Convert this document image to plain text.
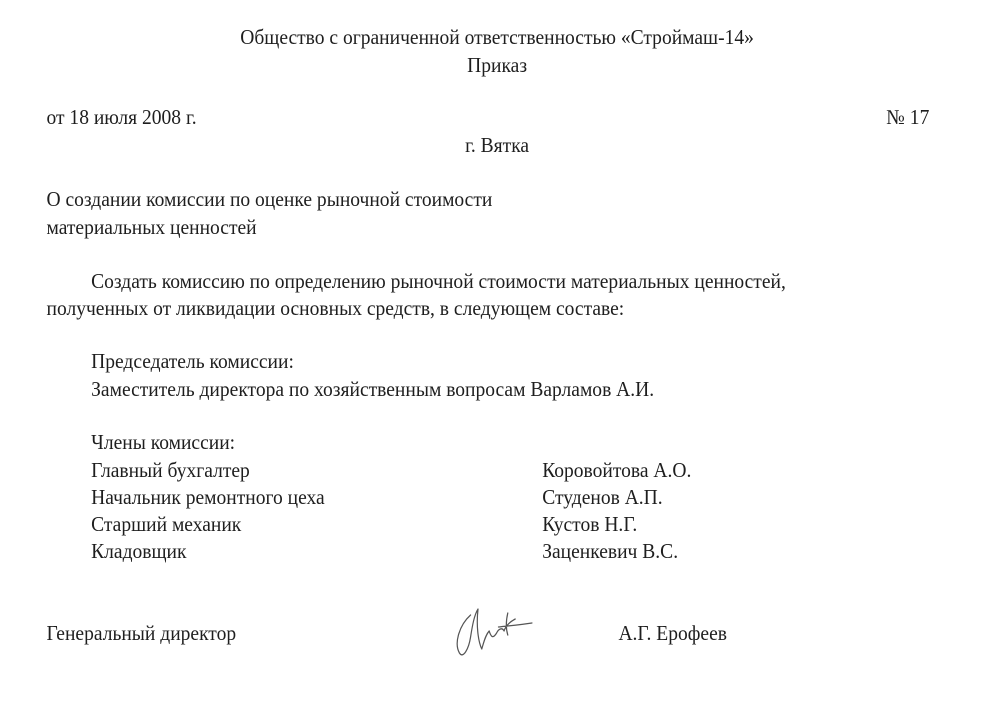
Общество с ограниченной ответственностью «Строймаш-14»

Приказ

от 18 июля 2008 г.	№ 17

г. Вятка

О создании комиссии по оценке рыночной стоимости

материальных ценностей

Создать комиссию по определению рыночной стоимости материальных ценностей,

полученных от ликвидации основных средств, в следующем составе:

Председатель комиссии:

Заместитель директора по хозяйственным вопросам Варламов А.И.

Члены комиссии:

Главный бухгалтер	Коровойтова А.О.

Начальник ремонтного цеха	Студенов А.П.

Старший механик	Кустов Н.Г.

Кладовщик	Заценкевич В.С.

Генеральный директор	А.Г. Ерофеев
